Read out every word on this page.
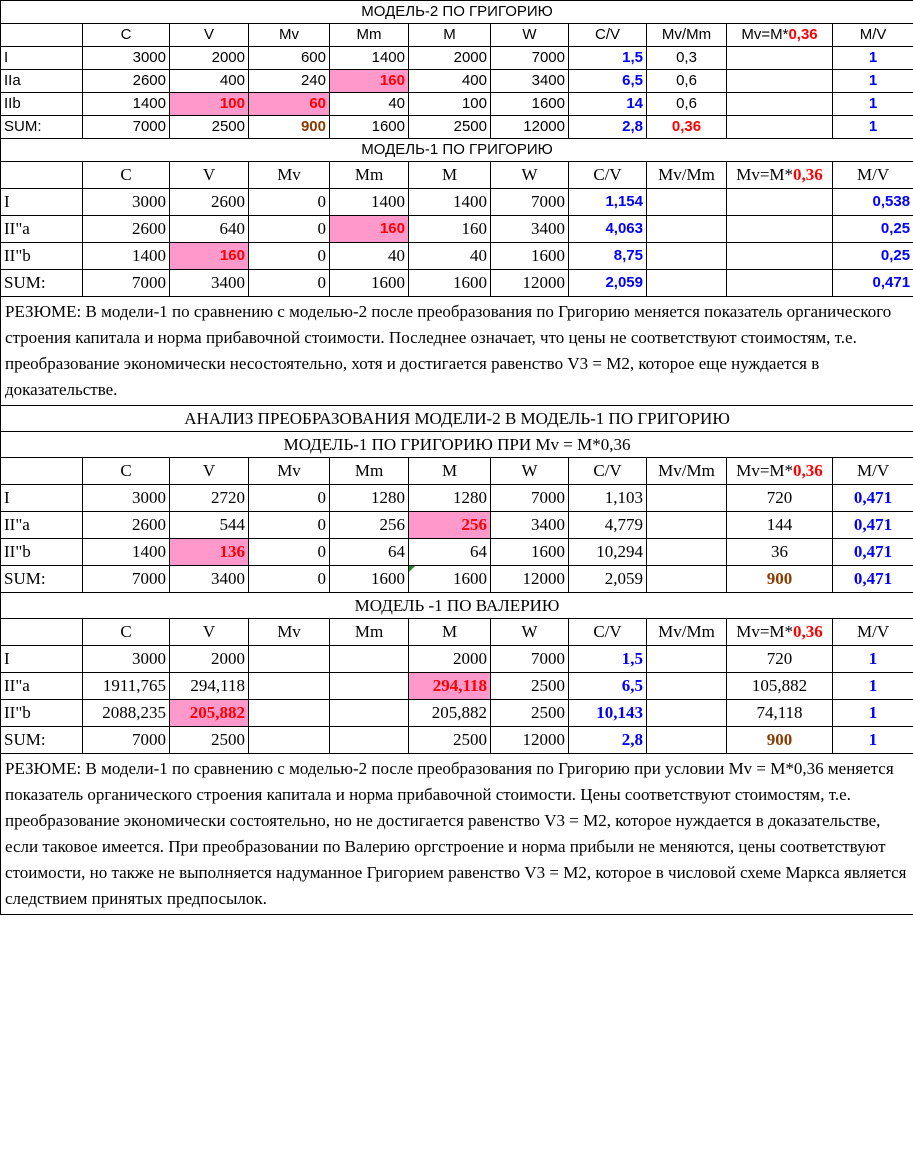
МОДЕЛЬ-2 ПО ГРИГОРИЮ										
	C	V	Mv	Mm	M	W	C/V	Mv/Mm	Mv=M*0,36	M/V
I	3000	2000	600	1400	2000	7000	1,5	0,3		1
IIa	2600	400	240	160	400	3400	6,5	0,6		1
IIb	1400	100	60	40	100	1600	14	0,6		1
SUM:	7000	2500	900	1600	2500	12000	2,8	0,36		1
МОДЕЛЬ-1 ПО ГРИГОРИЮ										
	C	V	Mv	Mm	M	W	C/V	Mv/Mm	Mv=M*0,36	M/V
I	3000	2600	0	1400	1400	7000	1,154			0,538
II"a	2600	640	0	160	160	3400	4,063			0,25
II"b	1400	160	0	40	40	1600	8,75			0,25
SUM:	7000	3400	0	1600	1600	12000	2,059			0,471
РЕЗЮМЕ: В модели-1 по сравнению с моделью-2 после преобразования по Григорию меняется показатель органического строения капитала и норма прибавочной стоимости. Последнее означает, что цены не соответствуют стоимостям, т.е. преобразование экономически несостоятельно, хотя и достигается равенство V3 = M2, которое еще нуждается в доказательстве.										
АНАЛИЗ ПРЕОБРАЗОВАНИЯ МОДЕЛИ-2 В МОДЕЛЬ-1 ПО ГРИГОРИЮ										
МОДЕЛЬ-1 ПО ГРИГОРИЮ ПРИ Mv = M*0,36										
	C	V	Mv	Mm	M	W	C/V	Mv/Mm	Mv=M*0,36	M/V
I	3000	2720	0	1280	1280	7000	1,103		720	0,471
II"a	2600	544	0	256	256	3400	4,779		144	0,471
II"b	1400	136	0	64	64	1600	10,294		36	0,471
SUM:	7000	3400	0	1600	1600	12000	2,059		900	0,471
МОДЕЛЬ -1 ПО ВАЛЕРИЮ										
	C	V	Mv	Mm	M	W	C/V	Mv/Mm	Mv=M*0,36	M/V
I	3000	2000			2000	7000	1,5		720	1
II"a	1911,765	294,118			294,118	2500	6,5		105,882	1
II"b	2088,235	205,882			205,882	2500	10,143		74,118	1
SUM:	7000	2500			2500	12000	2,8		900	1
РЕЗЮМЕ: В модели-1 по сравнению с моделью-2 после преобразования по Григорию при условии Mv = M*0,36 меняется показатель органического строения капитала и норма прибавочной стоимости. Цены соответствуют стоимостям, т.е. преобразование экономически состоятельно, но не достигается равенство V3 = M2, которое нуждается в доказательстве, если таковое имеется. При преобразовании по Валерию оргстроение и норма прибыли не меняются, цены соответствуют стоимости, но также не выполняется надуманное Григорием равенство V3 = M2, которое в числовой схеме Маркса является следствием принятых предпосылок.										
